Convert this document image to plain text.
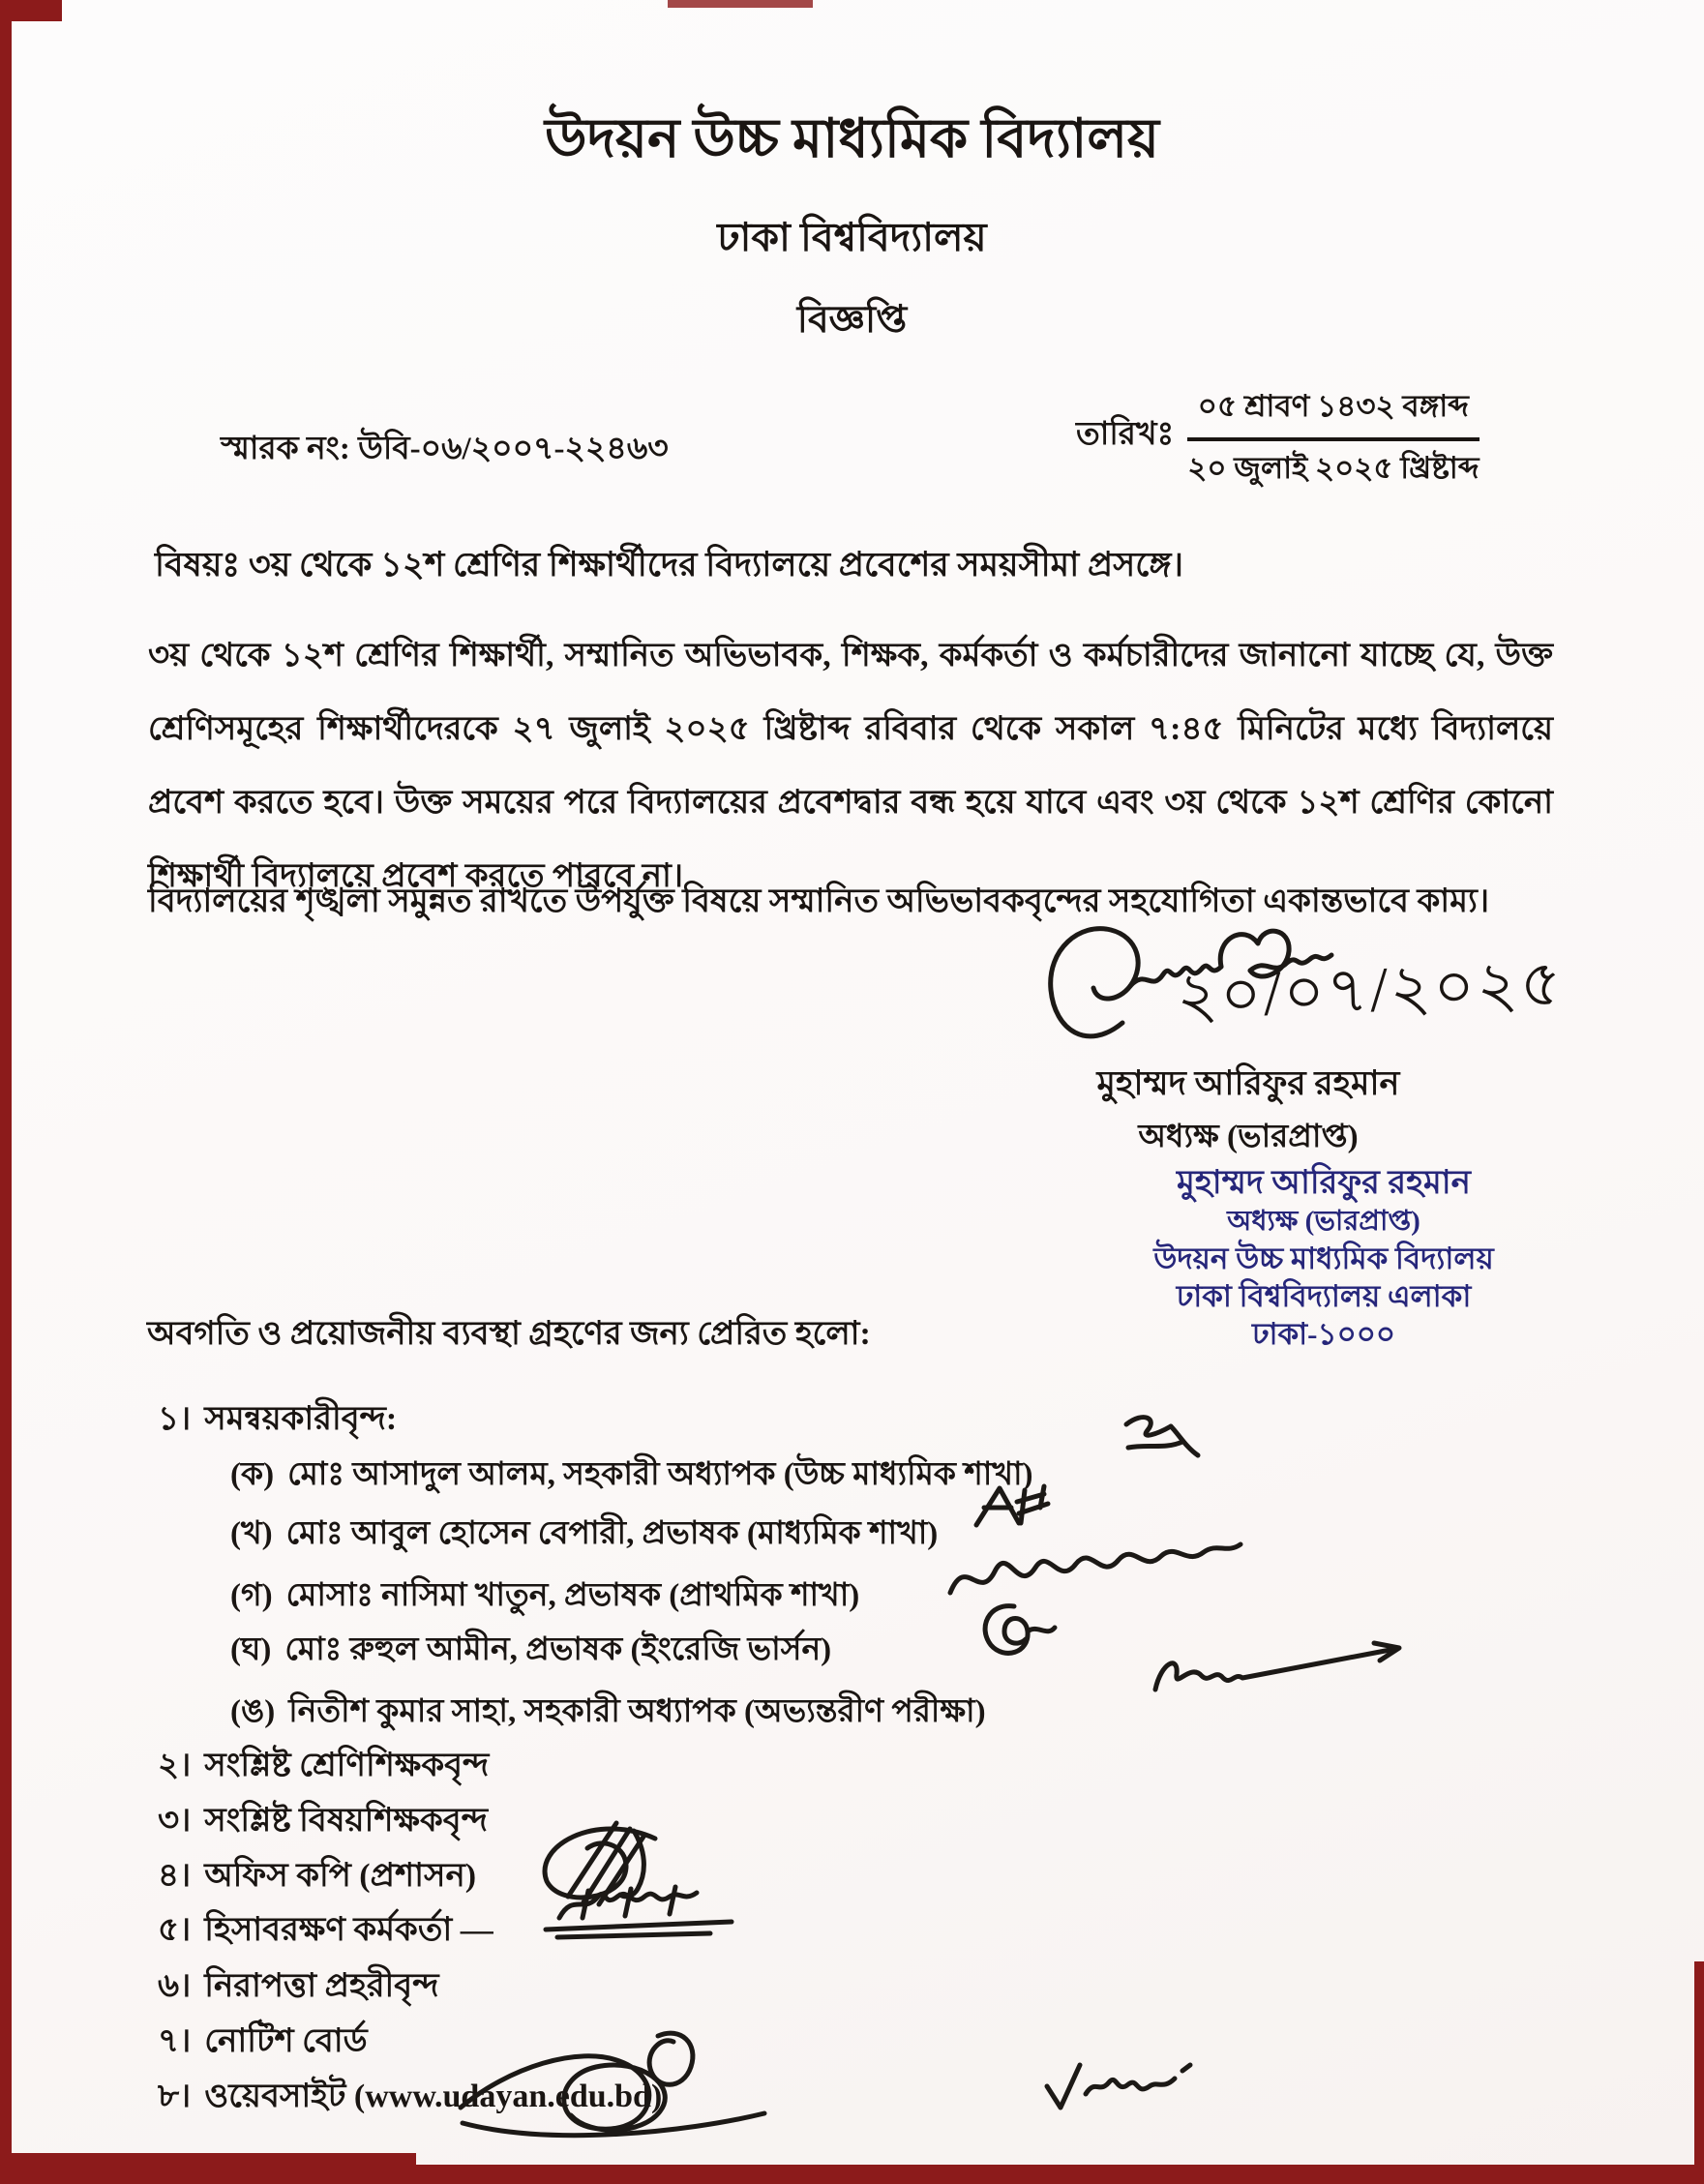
উদয়ন উচ্চ মাধ্যমিক বিদ্যালয়
ঢাকা বিশ্ববিদ্যালয়
বিজ্ঞপ্তি
স্মারক নং: উবি-০৬/২০০৭-২২৪৬৩	তারিখঃ
০৫ শ্রাবণ ১৪৩২ বঙ্গাব্দ
২০ জুলাই ২০২৫ খ্রিষ্টাব্দ
বিষয়ঃ ৩য় থেকে ১২শ শ্রেণির শিক্ষার্থীদের বিদ্যালয়ে প্রবেশের সময়সীমা প্রসঙ্গে।
৩য় থেকে ১২শ শ্রেণির শিক্ষার্থী, সম্মানিত অভিভাবক, শিক্ষক, কর্মকর্তা ও কর্মচারীদের জানানো যাচ্ছে যে, উক্ত শ্রেণিসমূহের শিক্ষার্থীদেরকে ২৭ জুলাই ২০২৫ খ্রিষ্টাব্দ রবিবার থেকে সকাল ৭:৪৫ মিনিটের মধ্যে বিদ্যালয়ে প্রবেশ করতে হবে। উক্ত সময়ের পরে বিদ্যালয়ের প্রবেশদ্বার বন্ধ হয়ে যাবে এবং ৩য় থেকে ১২শ শ্রেণির কোনো শিক্ষার্থী বিদ্যালয়ে প্রবেশ করতে পারবে না।
বিদ্যালয়ের শৃঙ্খলা সমুন্নত রাখতে উপর্যুক্ত বিষয়ে সম্মানিত অভিভাবকবৃন্দের সহযোগিতা একান্তভাবে কাম্য।
২০/০৭/২০২৫
মুহাম্মদ আরিফুর রহমান
অধ্যক্ষ (ভারপ্রাপ্ত)
মুহাম্মদ আরিফুর রহমান
অধ্যক্ষ (ভারপ্রাপ্ত)
উদয়ন উচ্চ মাধ্যমিক বিদ্যালয়
ঢাকা বিশ্ববিদ্যালয় এলাকা
ঢাকা-১০০০
অবগতি ও প্রয়োজনীয় ব্যবস্থা গ্রহণের জন্য প্রেরিত হলো:
১। সমন্বয়কারীবৃন্দ:
(ক) মোঃ আসাদুল আলম, সহকারী অধ্যাপক (উচ্চ মাধ্যমিক শাখা)
(খ) মোঃ আবুল হোসেন বেপারী, প্রভাষক (মাধ্যমিক শাখা)
(গ) মোসাঃ নাসিমা খাতুন, প্রভাষক (প্রাথমিক শাখা)
(ঘ) মোঃ রুহুল আমীন, প্রভাষক (ইংরেজি ভার্সন)
(ঙ) নিতীশ কুমার সাহা, সহকারী অধ্যাপক (অভ্যন্তরীণ পরীক্ষা)
২। সংশ্লিষ্ট শ্রেণিশিক্ষকবৃন্দ
৩। সংশ্লিষ্ট বিষয়শিক্ষকবৃন্দ
৪। অফিস কপি (প্রশাসন)
৫। হিসাবরক্ষণ কর্মকর্তা —
৬। নিরাপত্তা প্রহরীবৃন্দ
৭। নোটিশ বোর্ড
৮। ওয়েবসাইট (www.udayan.edu.bd)
